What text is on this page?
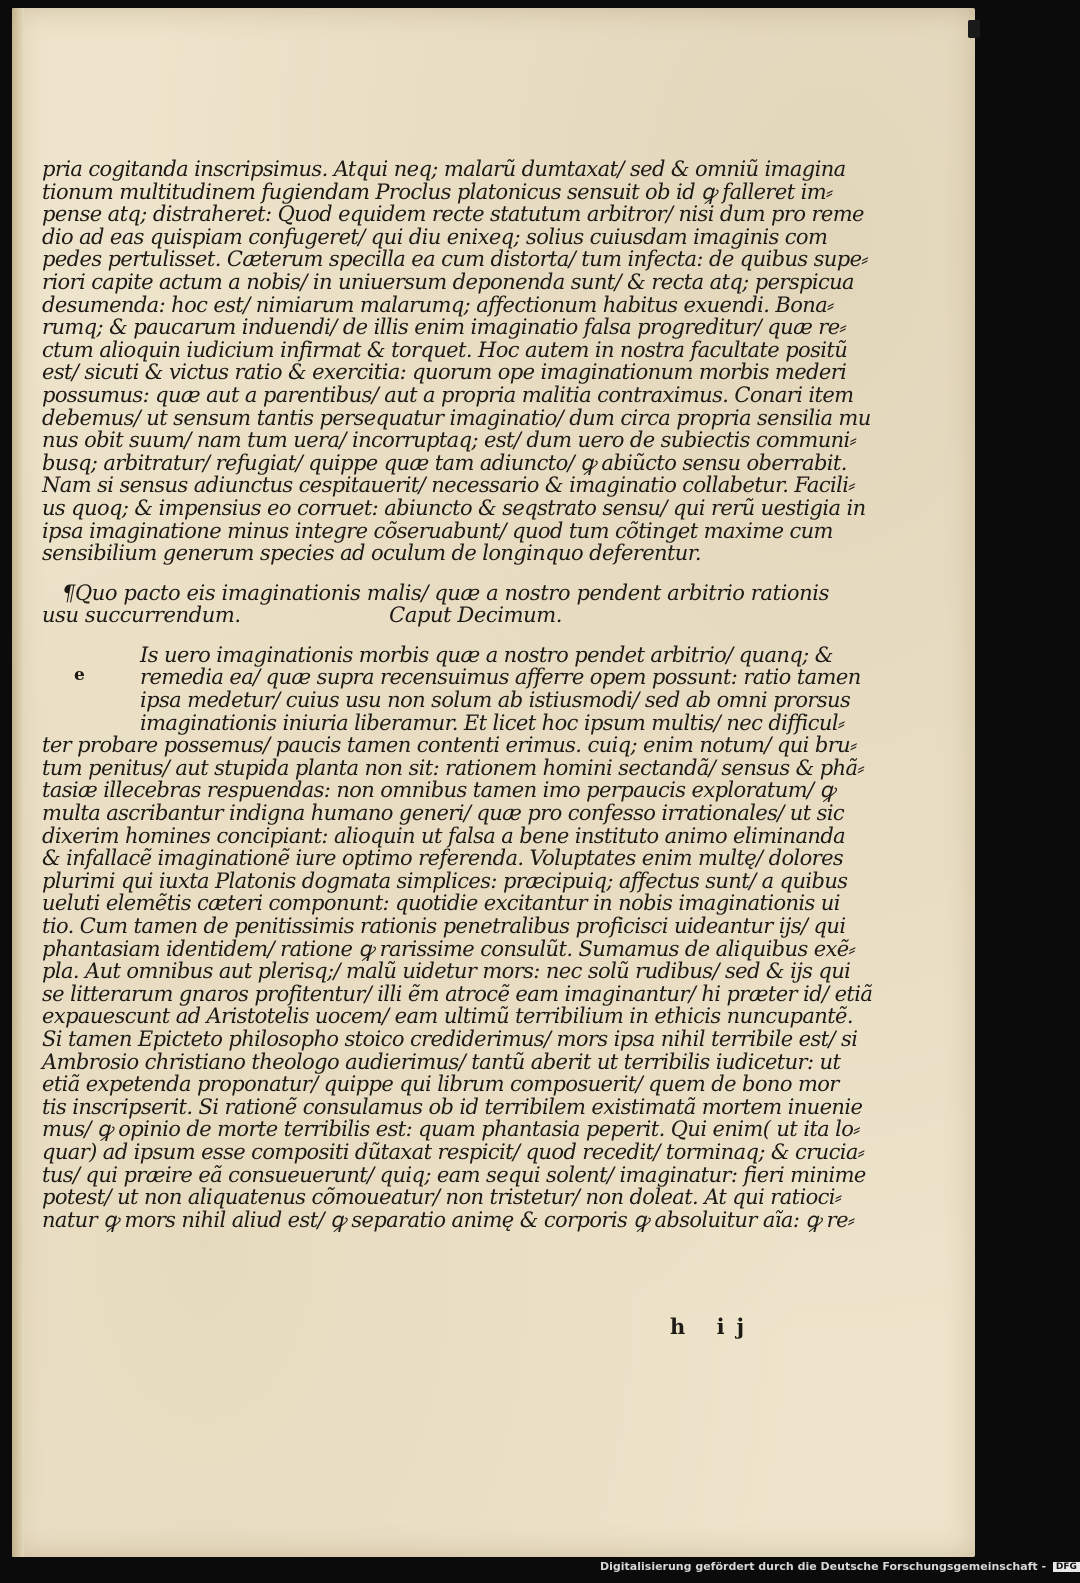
pria cogitanda inscripsimus. Atqui neq; malarũ dumtaxat/ sed & omniũ imagina
tionum multitudinem fugiendam Proclus platonicus sensuit ob id ꝙ falleret im⸗
pense atq; distraheret: Quod equidem recte statutum arbitror/ nisi dum pro reme
dio ad eas quispiam confugeret/ qui diu enixeq; solius cuiusdam imaginis com
pedes pertulisset. Cæterum specilla ea cum distorta/ tum infecta: de quibus supe⸗
riori capite actum a nobis/ in uniuersum deponenda sunt/ & recta atq; perspicua
desumenda: hoc est/ nimiarum malarumq; affectionum habitus exuendi. Bona⸗
rumq; & paucarum induendi/ de illis enim imaginatio falsa progreditur/ quæ re⸗
ctum alioquin iudicium infirmat & torquet. Hoc autem in nostra facultate positũ
est/ sicuti & victus ratio & exercitia: quorum ope imaginationum morbis mederi
possumus: quæ aut a parentibus/ aut a propria malitia contraximus. Conari item
debemus/ ut sensum tantis persequatur imaginatio/ dum circa propria sensilia mu
nus obit suum/ nam tum uera/ incorruptaq; est/ dum uero de subiectis communi⸗
busq; arbitratur/ refugiat/ quippe quæ tam adiuncto/ ꝙ abiũcto sensu oberrabit.
Nam si sensus adiunctus cespitauerit/ necessario & imaginatio collabetur. Facili⸗
us quoq; & impensius eo corruet: abiuncto & seqstrato sensu/ qui rerũ uestigia in
ipsa imaginatione minus integre cõseruabunt/ quod tum cõtinget maxime cum
sensibilium generum species ad oculum de longinquo deferentur.
¶Quo pacto eis imaginationis malis/ quæ a nostro pendent arbitrio rationis
usu succurrendum.	Caput Decimum.
e
Is uero imaginationis morbis quæ a nostro pendet arbitrio/ quanq; &
remedia ea/ quæ supra recensuimus afferre opem possunt: ratio tamen
ipsa medetur/ cuius usu non solum ab istiusmodi/ sed ab omni prorsus
imaginationis iniuria liberamur. Et licet hoc ipsum multis/ nec difficul⸗
ter probare possemus/ paucis tamen contenti erimus. cuiq; enim notum/ qui bru⸗
tum penitus/ aut stupida planta non sit: rationem homini sectandã/ sensus & phã⸗
tasiæ illecebras respuendas: non omnibus tamen imo perpaucis exploratum/ ꝙ
multa ascribantur indigna humano generi/ quæ pro confesso irrationales/ ut sic
dixerim homines concipiant: alioquin ut falsa a bene instituto animo eliminanda
& infallacẽ imaginationẽ iure optimo referenda. Voluptates enim multę/ dolores
plurimi qui iuxta Platonis dogmata simplices: præcipuiq; affectus sunt/ a quibus
ueluti elemẽtis cæteri componunt: quotidie excitantur in nobis imaginationis ui
tio. Cum tamen de penitissimis rationis penetralibus proficisci uideantur ijs/ qui
phantasiam identidem/ ratione ꝙ rarissime consulũt. Sumamus de aliquibus exẽ⸗
pla. Aut omnibus aut plerisq;/ malũ uidetur mors: nec solũ rudibus/ sed & ijs qui
se litterarum gnaros profitentur/ illi ẽm atrocẽ eam imaginantur/ hi præter id/ etiã
expauescunt ad Aristotelis uocem/ eam ultimũ terribilium in ethicis nuncupantẽ.
Si tamen Epicteto philosopho stoico crediderimus/ mors ipsa nihil terribile est/ si
Ambrosio christiano theologo audierimus/ tantũ aberit ut terribilis iudicetur: ut
etiã expetenda proponatur/ quippe qui librum composuerit/ quem de bono mor
tis inscripserit. Si rationẽ consulamus ob id terribilem existimatã mortem inuenie
mus/ ꝙ opinio de morte terribilis est: quam phantasia peperit. Qui enim( ut ita lo⸗
quar) ad ipsum esse compositi dũtaxat respicit/ quod recedit/ torminaq; & crucia⸗
tus/ qui præire eã consueuerunt/ quiq; eam sequi solent/ imaginatur: fieri minime
potest/ ut non aliquatenus cõmoueatur/ non tristetur/ non doleat. At qui ratioci⸗
natur ꝙ mors nihil aliud est/ ꝙ separatio animę & corporis ꝙ absoluitur aĩa: ꝙ re⸗
h ij
Digitalisierung gefördert durch die Deutsche Forschungsgemeinschaft - DFG
